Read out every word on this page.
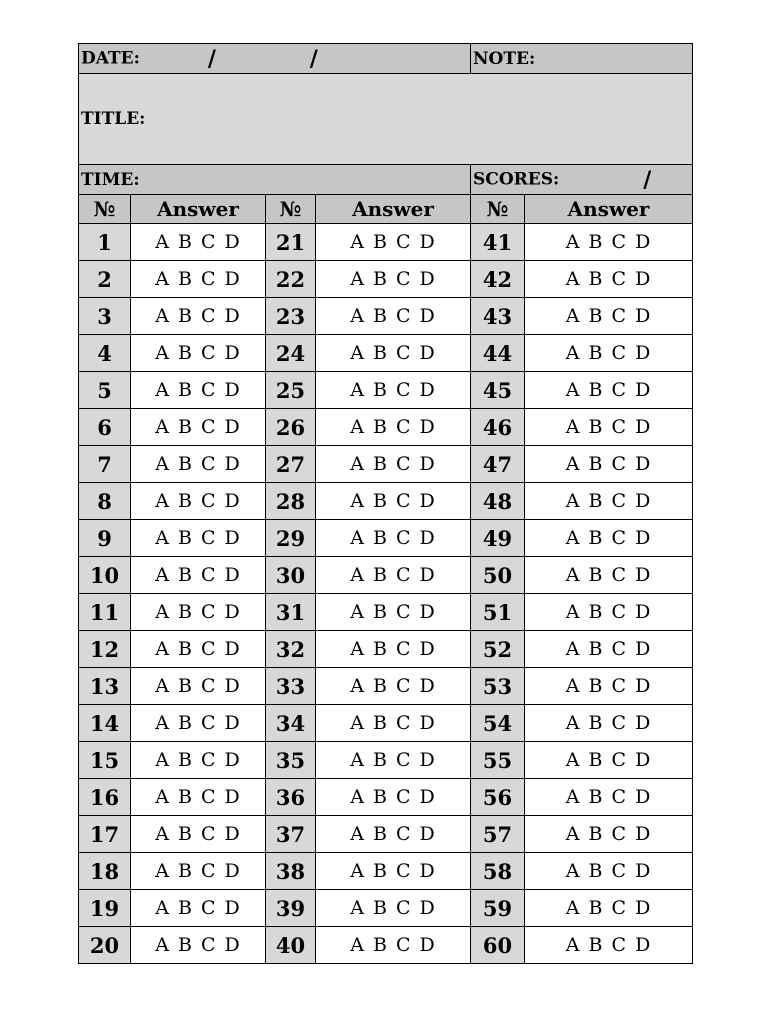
DATE: / /				NOTE:	
TITLE:					
TIME:				SCORES: /	
№	Answer	№	Answer	№	Answer
1	A B C D	21	A B C D	41	A B C D
2	A B C D	22	A B C D	42	A B C D
3	A B C D	23	A B C D	43	A B C D
4	A B C D	24	A B C D	44	A B C D
5	A B C D	25	A B C D	45	A B C D
6	A B C D	26	A B C D	46	A B C D
7	A B C D	27	A B C D	47	A B C D
8	A B C D	28	A B C D	48	A B C D
9	A B C D	29	A B C D	49	A B C D
10	A B C D	30	A B C D	50	A B C D
11	A B C D	31	A B C D	51	A B C D
12	A B C D	32	A B C D	52	A B C D
13	A B C D	33	A B C D	53	A B C D
14	A B C D	34	A B C D	54	A B C D
15	A B C D	35	A B C D	55	A B C D
16	A B C D	36	A B C D	56	A B C D
17	A B C D	37	A B C D	57	A B C D
18	A B C D	38	A B C D	58	A B C D
19	A B C D	39	A B C D	59	A B C D
20	A B C D	40	A B C D	60	A B C D
